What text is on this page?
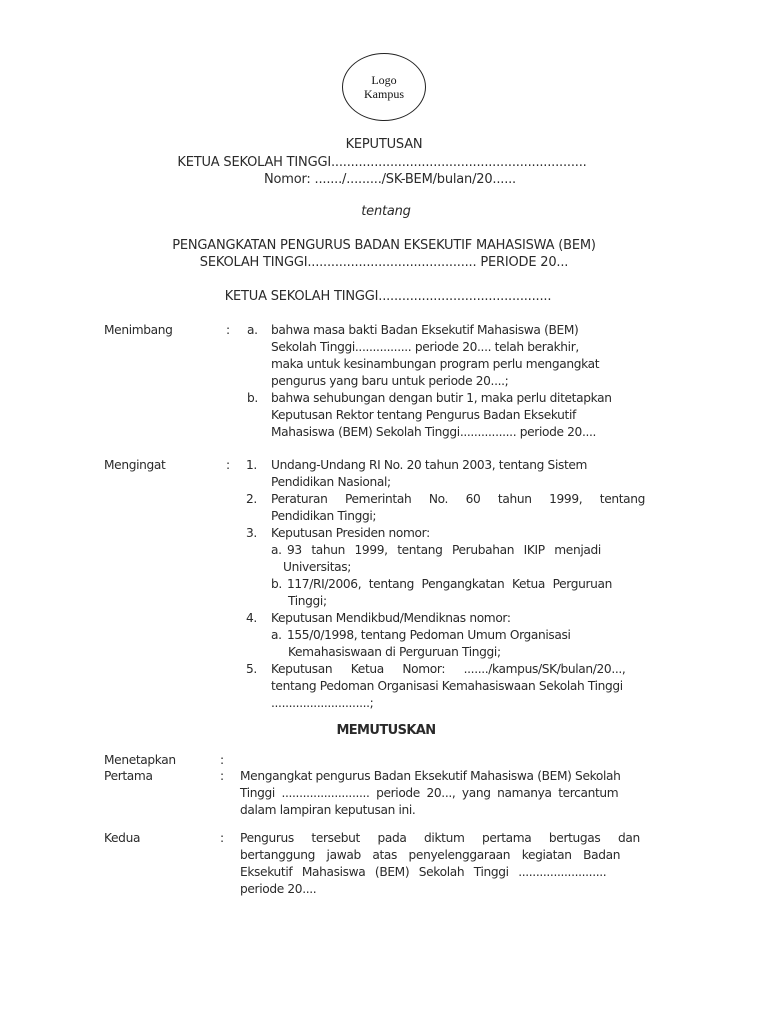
Logo
Kampus
KEPUTUSAN
KETUA SEKOLAH TINGGI.................................................................
Nomor: ......./........./SK-BEM/bulan/20......
tentang
PENGANGKATAN PENGURUS BADAN EKSEKUTIF MAHASISWA (BEM)
SEKOLAH TINGGI........................................... PERIODE 20...
KETUA SEKOLAH TINGGI............................................
Menimbang	: a. bahwa masa bakti Badan Eksekutif Mahasiswa (BEM)
Sekolah Tinggi................ periode 20.... telah berakhir,
maka untuk kesinambungan program perlu mengangkat
pengurus yang baru untuk periode 20....;
b. bahwa sehubungan dengan butir 1, maka perlu ditetapkan
Keputusan Rektor tentang Pengurus Badan Eksekutif
Mahasiswa (BEM) Sekolah Tinggi................ periode 20....
Mengingat	: 1. Undang-Undang RI No. 20 tahun 2003, tentang Sistem
Pendidikan Nasional;
2. Peraturan Pemerintah No. 60 tahun 1999, tentang
Pendidikan Tinggi;
3. Keputusan Presiden nomor:
a. 93 tahun 1999, tentang Perubahan IKIP menjadi
Universitas;
b. 117/RI/2006, tentang Pengangkatan Ketua Perguruan
Tinggi;
4. Keputusan Mendikbud/Mendiknas nomor:
a. 155/0/1998, tentang Pedoman Umum Organisasi
Kemahasiswaan di Perguruan Tinggi;
5. Keputusan Ketua Nomor: ......./kampus/SK/bulan/20...,
tentang Pedoman Organisasi Kemahasiswaan Sekolah Tinggi
............................;
MEMUTUSKAN
Menetapkan	:
Pertama	: Mengangkat pengurus Badan Eksekutif Mahasiswa (BEM) Sekolah
Tinggi ......................... periode 20..., yang namanya tercantum
dalam lampiran keputusan ini.
Kedua	: Pengurus tersebut pada diktum pertama bertugas dan
bertanggung jawab atas penyelenggaraan kegiatan Badan
Eksekutif Mahasiswa (BEM) Sekolah Tinggi .........................
periode 20....
